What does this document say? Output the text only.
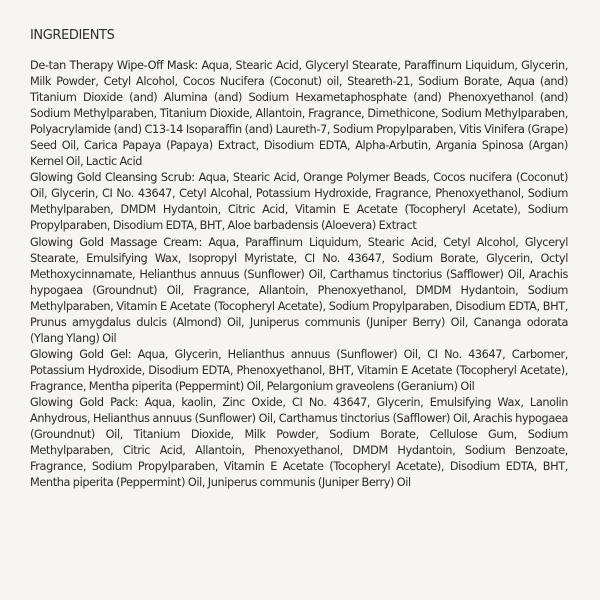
INGREDIENTS

De-tan Therapy Wipe-Off Mask: Aqua, Stearic Acid, Glyceryl Stearate, Paraffinum Liquidum, Glycerin, Milk Powder, Cetyl Alcohol, Cocos Nucifera (Coconut) oil, Steareth-21, Sodium Borate, Aqua (and) Titanium Dioxide (and) Alumina (and) Sodium Hexametaphosphate (and) Phenoxyethanol (and) Sodium Methylparaben, Titanium Dioxide, Allantoin, Fragrance, Dimethicone, Sodium Methylparaben, Polyacrylamide (and) C13-14 Isoparaffin (and) Laureth-7, Sodium Propylparaben, Vitis Vinifera (Grape) Seed Oil, Carica Papaya (Papaya) Extract, Disodium EDTA, Alpha-Arbutin, Argania Spinosa (Argan) Kernel Oil, Lactic Acid

Glowing Gold Cleansing Scrub: Aqua, Stearic Acid, Orange Polymer Beads, Cocos nucifera (Coconut) Oil, Glycerin, CI No. 43647, Cetyl Alcohal, Potassium Hydroxide, Fragrance, Phenoxyethanol, Sodium Methylparaben, DMDM Hydantoin, Citric Acid, Vitamin E Acetate (Tocopheryl Acetate), Sodium Propylparaben, Disodium EDTA, BHT, Aloe barbadensis (Aloevera) Extract

Glowing Gold Massage Cream: Aqua, Paraffinum Liquidum, Stearic Acid, Cetyl Alcohol, Glyceryl Stearate, Emulsifying Wax, Isopropyl Myristate, CI No. 43647, Sodium Borate, Glycerin, Octyl Methoxycinnamate, Helianthus annuus (Sunflower) Oil, Carthamus tinctorius (Safflower) Oil, Arachis hypogaea (Groundnut) Oil, Fragrance, Allantoin, Phenoxyethanol, DMDM Hydantoin, Sodium Methylparaben, Vitamin E Acetate (Tocopheryl Acetate), Sodium Propylparaben, Disodium EDTA, BHT, Prunus amygdalus dulcis (Almond) Oil, Juniperus communis (Juniper Berry) Oil, Cananga odorata (Ylang Ylang) Oil

Glowing Gold Gel: Aqua, Glycerin, Helianthus annuus (Sunflower) Oil, CI No. 43647, Carbomer, Potassium Hydroxide, Disodium EDTA, Phenoxyethanol, BHT, Vitamin E Acetate (Tocopheryl Acetate), Fragrance, Mentha piperita (Peppermint) Oil, Pelargonium graveolens (Geranium) Oil

Glowing Gold Pack: Aqua, kaolin, Zinc Oxide, CI No. 43647, Glycerin, Emulsifying Wax, Lanolin Anhydrous, Helianthus annuus (Sunflower) Oil, Carthamus tinctorius (Safflower) Oil, Arachis hypogaea (Groundnut) Oil, Titanium Dioxide, Milk Powder, Sodium Borate, Cellulose Gum, Sodium Methylparaben, Citric Acid, Allantoin, Phenoxyethanol, DMDM Hydantoin, Sodium Benzoate, Fragrance, Sodium Propylparaben, Vitamin E Acetate (Tocopheryl Acetate), Disodium EDTA, BHT, Mentha piperita (Peppermint) Oil, Juniperus communis (Juniper Berry) Oil
